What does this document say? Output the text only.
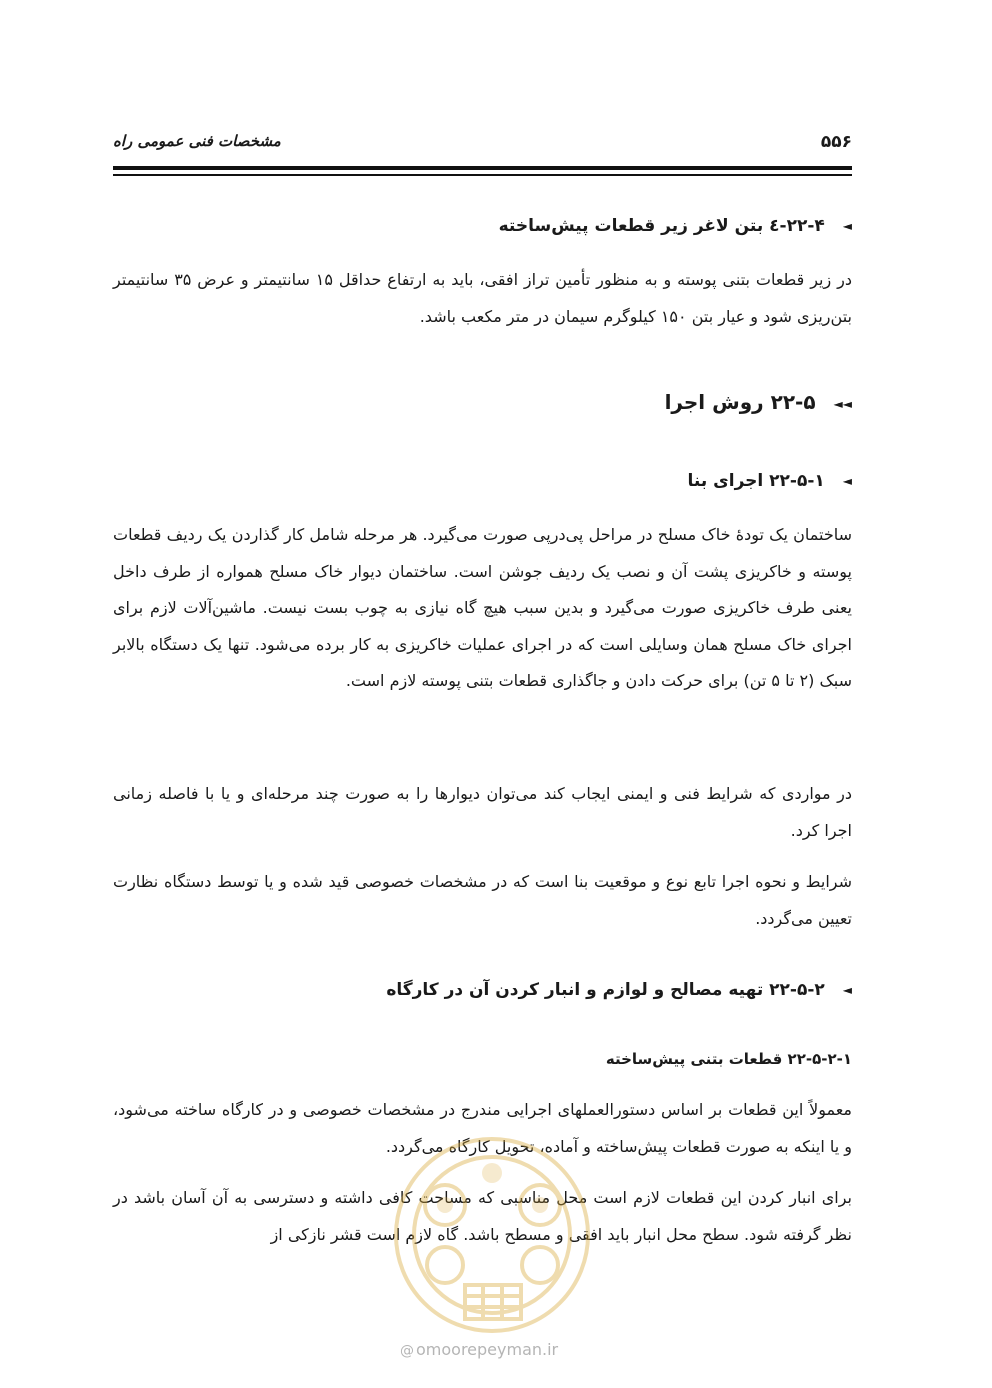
۵۵۶
مشخصات فنی عمومی راه
◄۲۲-۴-٤ بتن لاغر زیر قطعات پیش‌ساخته
در زیر قطعات بتنی پوسته و به منظور تأمین تراز افقی، باید به ارتفاع حداقل ۱۵ سانتیمتر و عرض ۳۵ سانتیمتر بتن‌ریزی شود و عیار بتن ۱۵۰ کیلوگرم سیمان در متر مکعب باشد.
◄◄۲۲-۵ روش اجرا
◄۲۲-۵-۱ اجرای بنا
ساختمان یک تودهٔ خاک مسلح در مراحل پی‌درپی صورت می‌گیرد. هر مرحله شامل کار گذاردن یک ردیف قطعات پوسته و خاکریزی پشت آن و نصب یک ردیف جوشن است. ساختمان دیوار خاک مسلح همواره از طرف داخل یعنی طرف خاکریزی صورت می‌گیرد و بدین سبب هیچ گاه نیازی به چوب بست نیست. ماشین‌آلات لازم برای اجرای خاک مسلح همان وسایلی است که در اجرای عملیات خاکریزی به کار برده می‌شود. تنها یک دستگاه بالابر سبک (۲ تا ۵ تن) برای حرکت دادن و جاگذاری قطعات بتنی پوسته لازم است.
در مواردی که شرایط فنی و ایمنی ایجاب کند می‌توان دیوارها را به صورت چند مرحله‌ای و یا با فاصله زمانی اجرا کرد.
شرایط و نحوه اجرا تابع نوع و موقعیت بنا است که در مشخصات خصوصی قید شده و یا توسط دستگاه نظارت تعیین می‌گردد.
◄۲۲-۵-۲ تهیه مصالح و لوازم و انبار کردن آن در کارگاه
۲۲-۵-۲-۱ قطعات بتنی پیش‌ساخته
معمولاً این قطعات بر اساس دستورالعملهای اجرایی مندرج در مشخصات خصوصی و در کارگاه ساخته می‌شود، و یا اینکه به صورت قطعات پیش‌ساخته و آماده، تحویل کارگاه می‌گردد.
برای انبار کردن این قطعات لازم است محل مناسبی که مساحت کافی داشته و دسترسی به آن آسان باشد در نظر گرفته شود. سطح محل انبار باید افقی و مسطح باشد. گاه لازم است قشر نازکی از
@ omoorepeyman.ir
